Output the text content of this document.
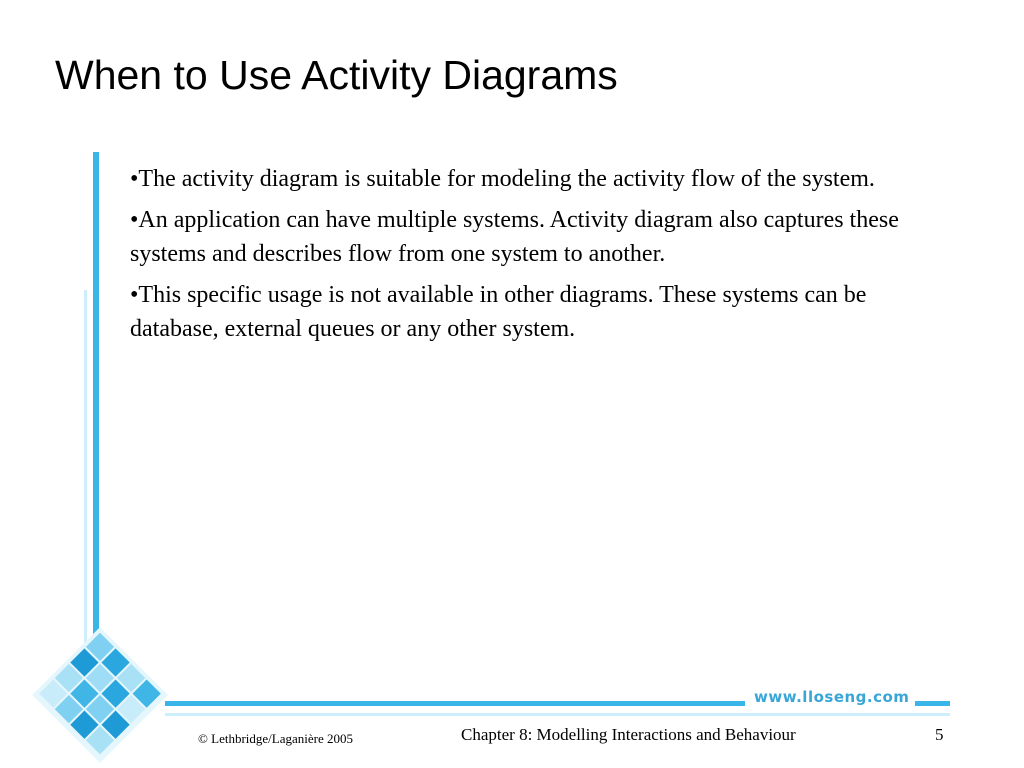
When to Use Activity Diagrams
www.lloseng.com

•The activity diagram is suitable for modeling the activity flow of the system.

•An application can have multiple systems. Activity diagram also captures these systems and describes flow from one system to another.

•This specific usage is not available in other diagrams. These systems can be database, external queues or any other system.

© Lethbridge/Laganière 2005	Chapter 8: Modelling Interactions and Behaviour	5
